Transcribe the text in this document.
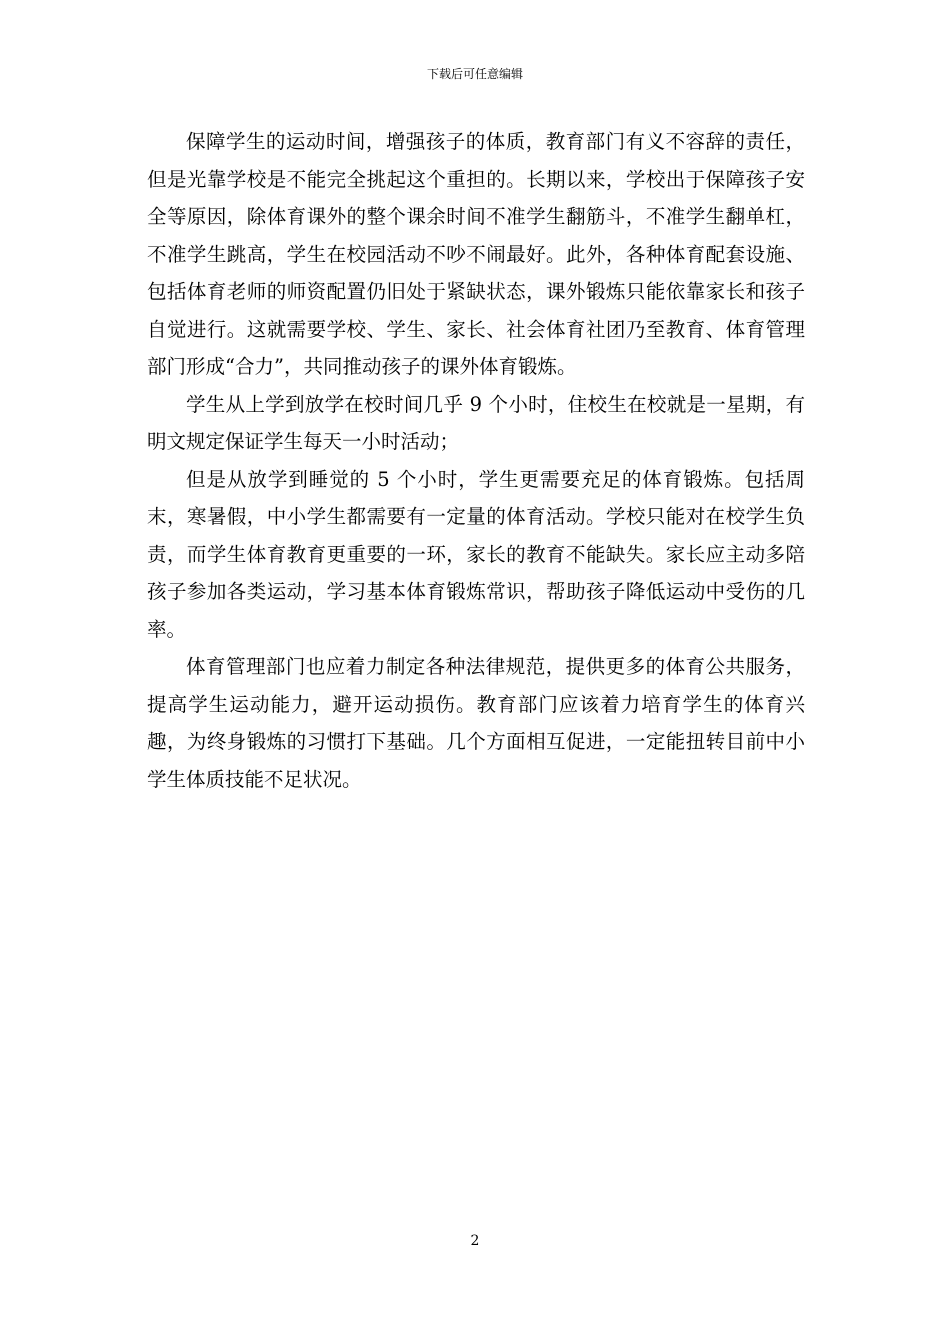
下载后可任意编辑

保障学生的运动时间，增强孩子的体质，教育部门有义不容辞的责任，但是光靠学校是不能完全挑起这个重担的。长期以来，学校出于保障孩子安全等原因，除体育课外的整个课余时间不准学生翻筋斗，不准学生翻单杠，不准学生跳高，学生在校园活动不吵不闹最好。此外，各种体育配套设施、包括体育老师的师资配置仍旧处于紧缺状态，课外锻炼只能依靠家长和孩子自觉进行。这就需要学校、学生、家长、社会体育社团乃至教育、体育管理部门形成“合力”，共同推动孩子的课外体育锻炼。

学生从上学到放学在校时间几乎 9 个小时，住校生在校就是一星期，有明文规定保证学生每天一小时活动；

但是从放学到睡觉的 5 个小时，学生更需要充足的体育锻炼。包括周末，寒暑假，中小学生都需要有一定量的体育活动。学校只能对在校学生负责，而学生体育教育更重要的一环，家长的教育不能缺失。家长应主动多陪孩子参加各类运动，学习基本体育锻炼常识，帮助孩子降低运动中受伤的几率。

体育管理部门也应着力制定各种法律规范，提供更多的体育公共服务，提高学生运动能力，避开运动损伤。教育部门应该着力培育学生的体育兴趣，为终身锻炼的习惯打下基础。几个方面相互促进，一定能扭转目前中小学生体质技能不足状况。

2
